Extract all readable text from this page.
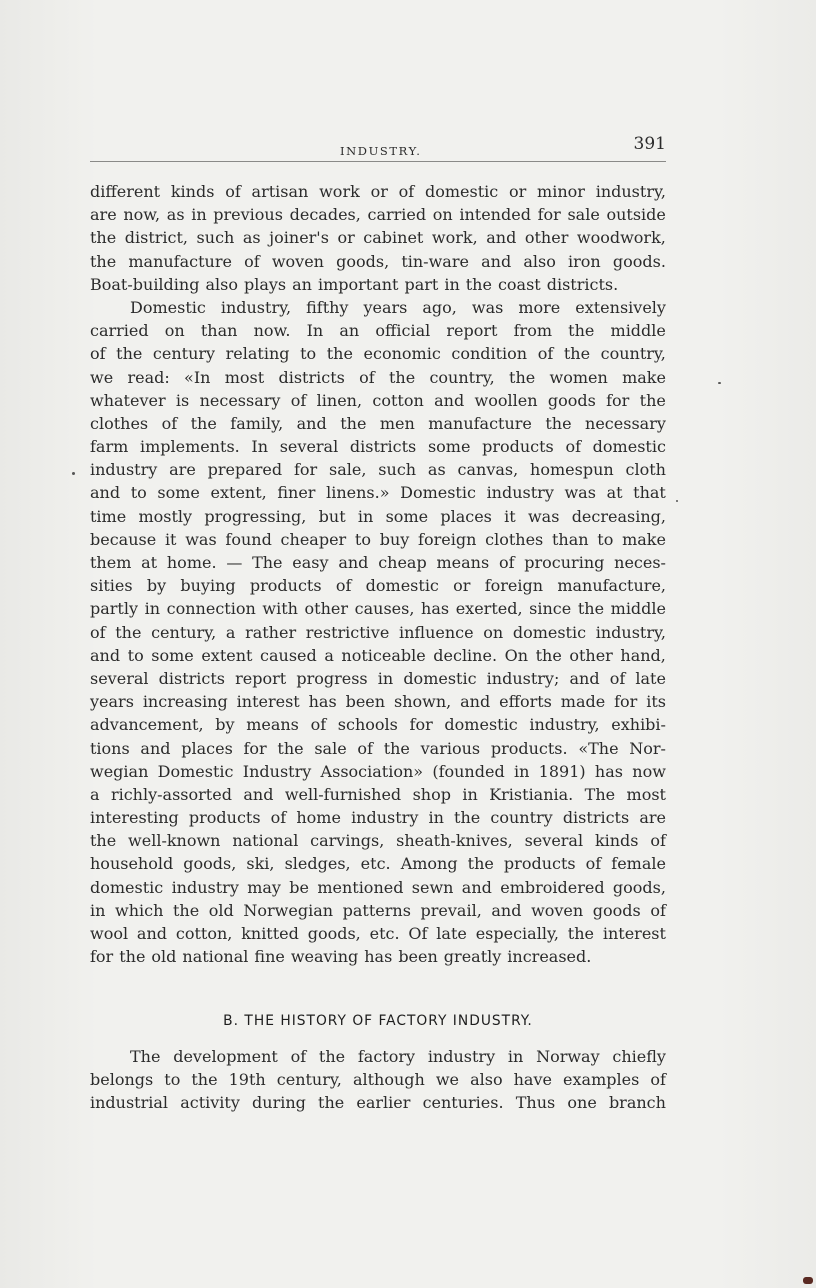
INDUSTRY.	391
different kinds of artisan work or of domestic or minor industry,
are now, as in previous decades, carried on intended for sale outside
the district, such as joiner's or cabinet work, and other woodwork,
the manufacture of woven goods, tin-ware and also iron goods.
Boat-building also plays an important part in the coast districts.
Domestic industry, fifthy years ago, was more extensively
carried on than now. In an official report from the middle
of the century relating to the economic condition of the country,
we read: «In most districts of the country, the women make
whatever is necessary of linen, cotton and woollen goods for the
clothes of the family, and the men manufacture the necessary
farm implements. In several districts some products of domestic
industry are prepared for sale, such as canvas, homespun cloth
and to some extent, finer linens.» Domestic industry was at that
time mostly progressing, but in some places it was decreasing,
because it was found cheaper to buy foreign clothes than to make
them at home. — The easy and cheap means of procuring neces-
sities by buying products of domestic or foreign manufacture,
partly in connection with other causes, has exerted, since the middle
of the century, a rather restrictive influence on domestic industry,
and to some extent caused a noticeable decline. On the other hand,
several districts report progress in domestic industry; and of late
years increasing interest has been shown, and efforts made for its
advancement, by means of schools for domestic industry, exhibi-
tions and places for the sale of the various products. «The Nor-
wegian Domestic Industry Association» (founded in 1891) has now
a richly-assorted and well-furnished shop in Kristiania. The most
interesting products of home industry in the country districts are
the well-known national carvings, sheath-knives, several kinds of
household goods, ski, sledges, etc. Among the products of female
domestic industry may be mentioned sewn and embroidered goods,
in which the old Norwegian patterns prevail, and woven goods of
wool and cotton, knitted goods, etc. Of late especially, the interest
for the old national fine weaving has been greatly increased.
B. THE HISTORY OF FACTORY INDUSTRY.
The development of the factory industry in Norway chiefly
belongs to the 19th century, although we also have examples of
industrial activity during the earlier centuries. Thus one branch
